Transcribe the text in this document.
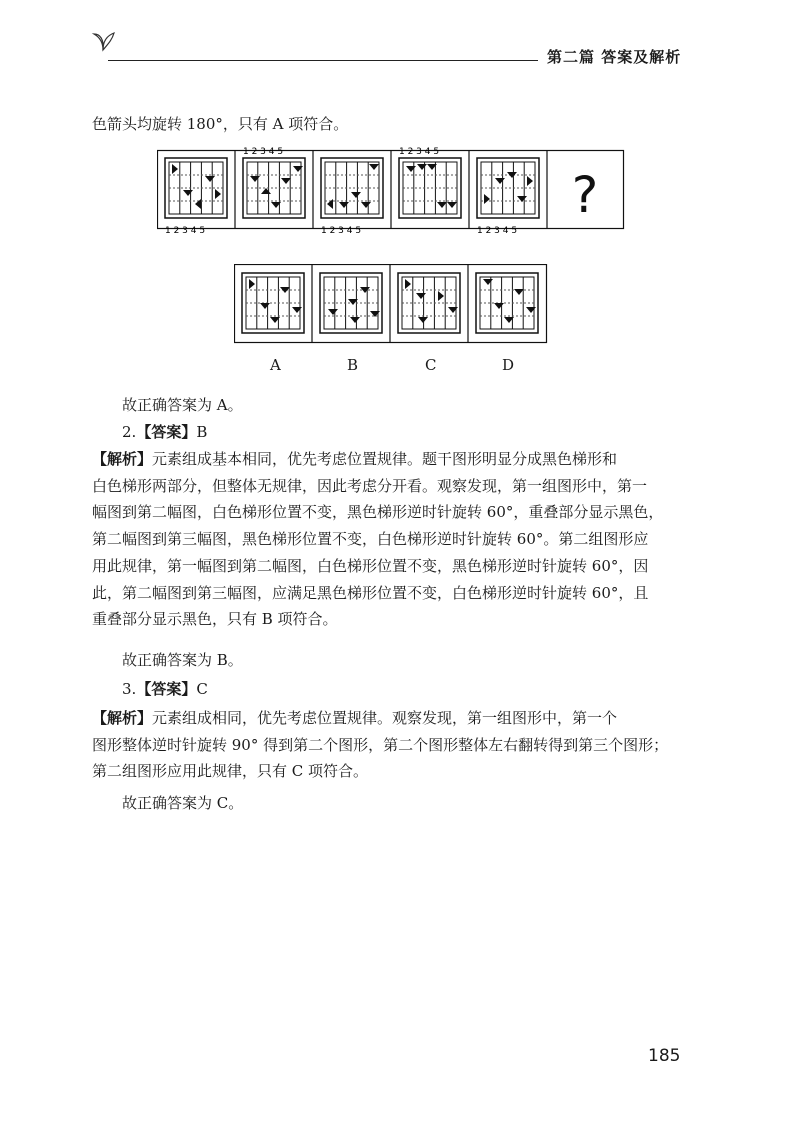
第二篇 答案及解析

色箭头均旋转 180°，只有 A 项符合。

?
1 2 3 4 5
1 2 3 4 5
1 2 3 4 5
1 2 3 4 5
1 2 3 4 5
A	B	C	D

故正确答案为 A。

2.【答案】B

【解析】元素组成基本相同，优先考虑位置规律。题干图形明显分成黑色梯形和
白色梯形两部分，但整体无规律，因此考虑分开看。观察发现，第一组图形中，第一
幅图到第二幅图，白色梯形位置不变，黑色梯形逆时针旋转 60°，重叠部分显示黑色，
第二幅图到第三幅图，黑色梯形位置不变，白色梯形逆时针旋转 60°。第二组图形应
用此规律，第一幅图到第二幅图，白色梯形位置不变，黑色梯形逆时针旋转 60°，因
此，第二幅图到第三幅图，应满足黑色梯形位置不变，白色梯形逆时针旋转 60°，且
重叠部分显示黑色，只有 B 项符合。

故正确答案为 B。

3.【答案】C

【解析】元素组成相同，优先考虑位置规律。观察发现，第一组图形中，第一个
图形整体逆时针旋转 90° 得到第二个图形，第二个图形整体左右翻转得到第三个图形；
第二组图形应用此规律，只有 C 项符合。

故正确答案为 C。

185
